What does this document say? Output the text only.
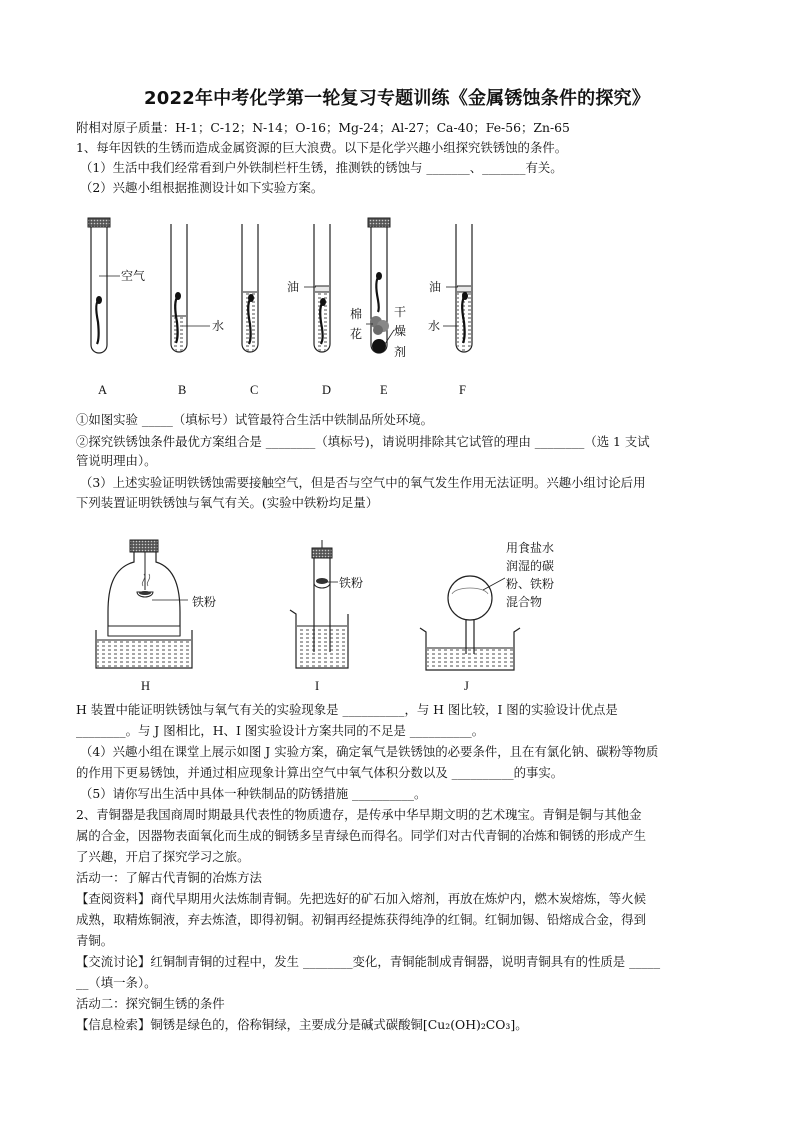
2022年中考化学第一轮复习专题训练《金属锈蚀条件的探究》
附相对原子质量：H-1；C-12；N-14；O-16；Mg-24；Al-27；Ca-40；Fe-56；Zn-65
1、每年因铁的生锈而造成金属资源的巨大浪费。以下是化学兴趣小组探究铁锈蚀的条件。
（1）生活中我们经常看到户外铁制栏杆生锈，推测铁的锈蚀与 _______、_______有关。
（2）兴趣小组根据推测设计如下实验方案。
空气
水
油
棉
花
干
燥
剂
油
水
A	B	C	D	E	F
铁粉
H
铁粉
I
用食盐水
润湿的碳
粉、铁粉
混合物
J
①如图实验 _____（填标号）试管最符合生活中铁制品所处环境。
②探究铁锈蚀条件最优方案组合是 ________（填标号)，请说明排除其它试管的理由 ________（选 1 支试
管说明理由）。
（3）上述实验证明铁锈蚀需要接触空气，但是否与空气中的氧气发生作用无法证明。兴趣小组讨论后用
下列装置证明铁锈蚀与氧气有关。(实验中铁粉均足量）
H 装置中能证明铁锈蚀与氧气有关的实验现象是 __________，与 H 图比较，I 图的实验设计优点是
________。与 J 图相比，H、I 图实验设计方案共同的不足是 __________。
（4）兴趣小组在课堂上展示如图 J 实验方案，确定氧气是铁锈蚀的必要条件，且在有氯化钠、碳粉等物质
的作用下更易锈蚀，并通过相应现象计算出空气中氧气体积分数以及 __________的事实。
（5）请你写出生活中具体一种铁制品的防锈措施 __________。
2、青铜器是我国商周时期最具代表性的物质遗存，是传承中华早期文明的艺术瑰宝。青铜是铜与其他金
属的合金，因器物表面氧化而生成的铜锈多呈青绿色而得名。同学们对古代青铜的冶炼和铜锈的形成产生
了兴趣，开启了探究学习之旅。
活动一：了解古代青铜的冶炼方法
【查阅资料】商代早期用火法炼制青铜。先把选好的矿石加入熔剂，再放在炼炉内，燃木炭熔炼，等火候
成熟，取精炼铜液，弃去炼渣，即得初铜。初铜再经提炼获得纯净的红铜。红铜加锡、铅熔成合金，得到
青铜。
【交流讨论】红铜制青铜的过程中，发生 ________变化，青铜能制成青铜器，说明青铜具有的性质是 _____
__（填一条）。
活动二：探究铜生锈的条件
【信息检索】铜锈是绿色的，俗称铜绿，主要成分是碱式碳酸铜[Cu₂(OH)₂CO₃]。
